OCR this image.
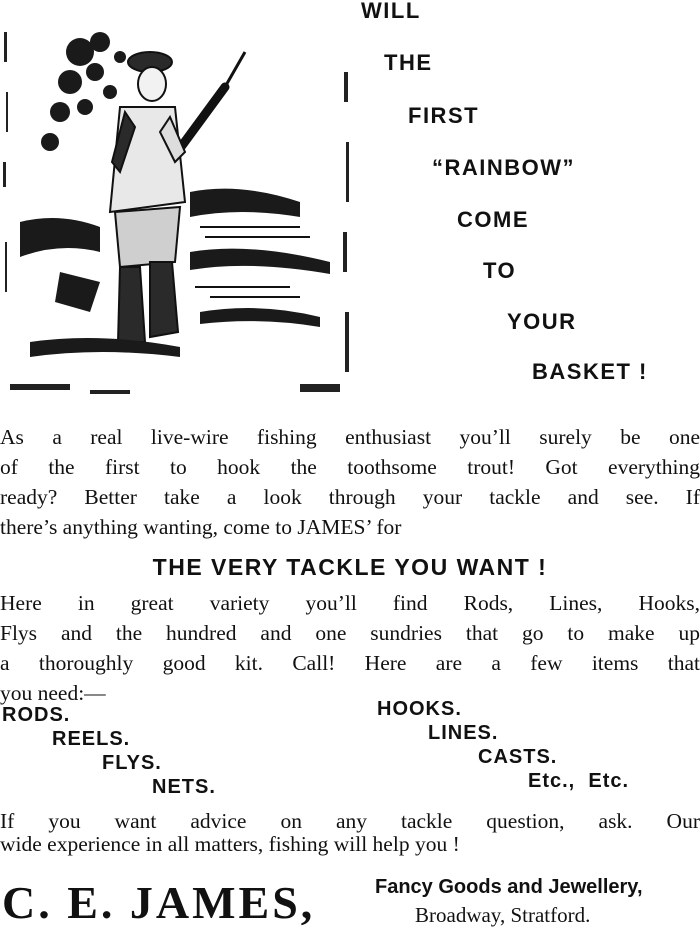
WILL
THE
FIRST
“RAINBOW”
COME
TO
YOUR
BASKET !
As a real live-wire fishing enthusiast you’ll surely be one
of the first to hook the toothsome trout! Got everything
ready? Better take a look through your tackle and see. If
there’s anything wanting, come to JAMES’ for
THE VERY TACKLE YOU WANT !
Here in great variety you’ll find Rods, Lines, Hooks,
Flys and the hundred and one sundries that go to make up
a thoroughly good kit. Call! Here are a few items that
you need:—
RODS.
REELS.
FLYS.
NETS.
HOOKS.
LINES.
CASTS.
Etc.,  Etc.
If you want advice on any tackle question, ask. Our
wide experience in all matters, fishing will help you !
C. E. JAMES,	Fancy Goods and Jewellery,
Broadway, Stratford.
